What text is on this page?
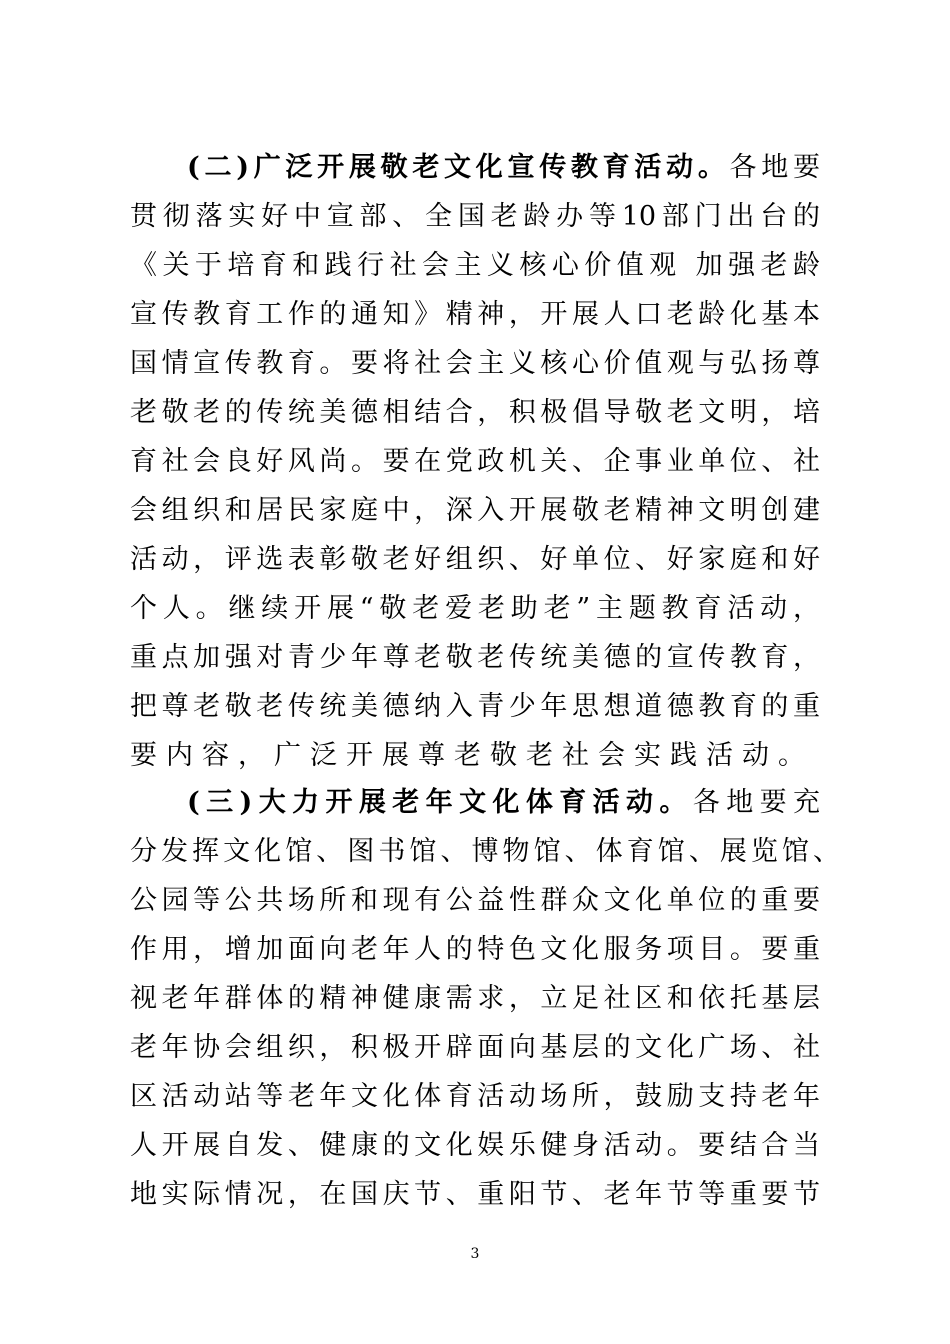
(二)广泛开展敬老文化宣传教育活动。各地要
贯彻落实好中宣部、全国老龄办等10部门出台的
《关于培育和践行社会主义核心价值观 加强老龄
宣传教育工作的通知》精神，开展人口老龄化基本
国情宣传教育。要将社会主义核心价值观与弘扬尊
老敬老的传统美德相结合，积极倡导敬老文明，培
育社会良好风尚。要在党政机关、企事业单位、社
会组织和居民家庭中，深入开展敬老精神文明创建
活动，评选表彰敬老好组织、好单位、好家庭和好
个人。继续开展“敬老爱老助老”主题教育活动，
重点加强对青少年尊老敬老传统美德的宣传教育，
把尊老敬老传统美德纳入青少年思想道德教育的重
要内容，广泛开展尊老敬老社会实践活动。
(三)大力开展老年文化体育活动。各地要充
分发挥文化馆、图书馆、博物馆、体育馆、展览馆、
公园等公共场所和现有公益性群众文化单位的重要
作用，增加面向老年人的特色文化服务项目。要重
视老年群体的精神健康需求，立足社区和依托基层
老年协会组织，积极开辟面向基层的文化广场、社
区活动站等老年文化体育活动场所，鼓励支持老年
人开展自发、健康的文化娱乐健身活动。要结合当
地实际情况，在国庆节、重阳节、老年节等重要节
3
